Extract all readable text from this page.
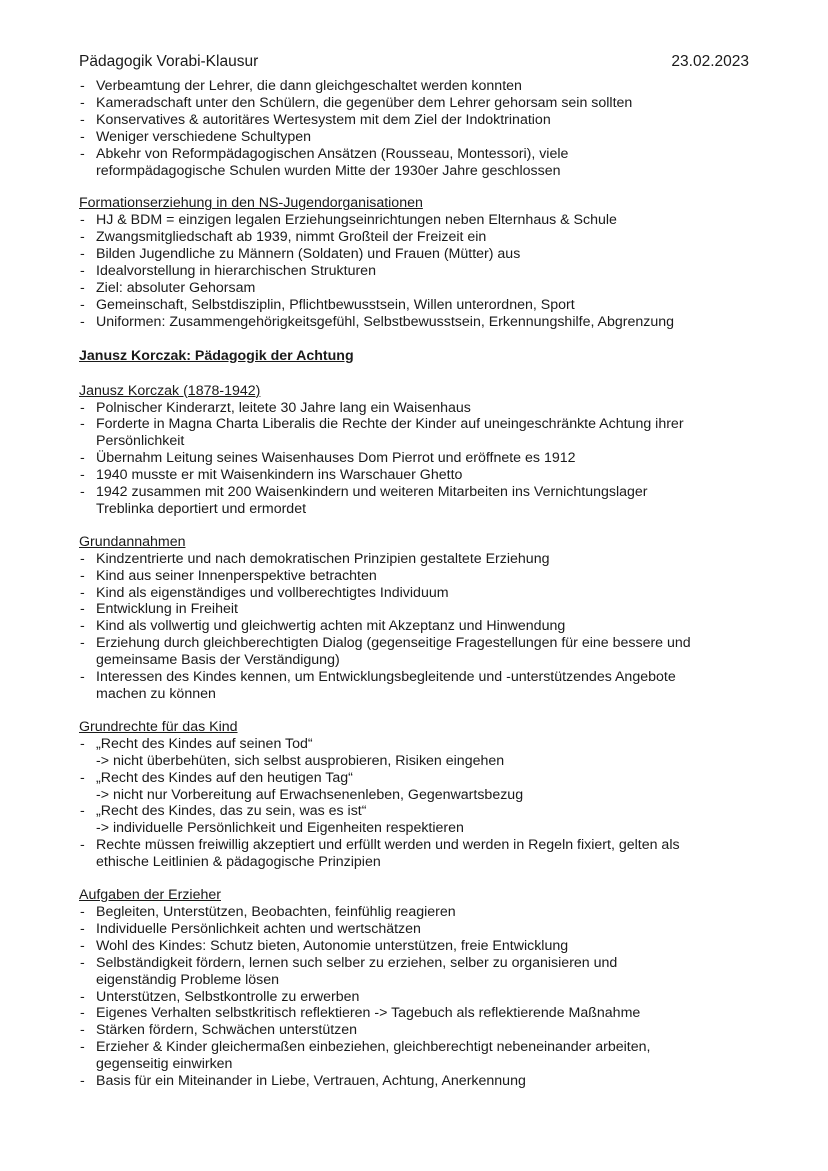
Pädagogik Vorabi-Klausur	23.02.2023
- Verbeamtung der Lehrer, die dann gleichgeschaltet werden konnten
- Kameradschaft unter den Schülern, die gegenüber dem Lehrer gehorsam sein sollten
- Konservatives & autoritäres Wertesystem mit dem Ziel der Indoktrination
- Weniger verschiedene Schultypen
- Abkehr von Reformpädagogischen Ansätzen (Rousseau, Montessori), viele
reformpädagogische Schulen wurden Mitte der 1930er Jahre geschlossen
Formationserziehung in den NS-Jugendorganisationen
- HJ & BDM = einzigen legalen Erziehungseinrichtungen neben Elternhaus & Schule
- Zwangsmitgliedschaft ab 1939, nimmt Großteil der Freizeit ein
- Bilden Jugendliche zu Männern (Soldaten) und Frauen (Mütter) aus
- Idealvorstellung in hierarchischen Strukturen
- Ziel: absoluter Gehorsam
- Gemeinschaft, Selbstdisziplin, Pflichtbewusstsein, Willen unterordnen, Sport
- Uniformen: Zusammengehörigkeitsgefühl, Selbstbewusstsein, Erkennungshilfe, Abgrenzung
Janusz Korczak: Pädagogik der Achtung
Janusz Korczak (1878-1942)
- Polnischer Kinderarzt, leitete 30 Jahre lang ein Waisenhaus
- Forderte in Magna Charta Liberalis die Rechte der Kinder auf uneingeschränkte Achtung ihrer
Persönlichkeit
- Übernahm Leitung seines Waisenhauses Dom Pierrot und eröffnete es 1912
- 1940 musste er mit Waisenkindern ins Warschauer Ghetto
- 1942 zusammen mit 200 Waisenkindern und weiteren Mitarbeiten ins Vernichtungslager
Treblinka deportiert und ermordet
Grundannahmen
- Kindzentrierte und nach demokratischen Prinzipien gestaltete Erziehung
- Kind aus seiner Innenperspektive betrachten
- Kind als eigenständiges und vollberechtigtes Individuum
- Entwicklung in Freiheit
- Kind als vollwertig und gleichwertig achten mit Akzeptanz und Hinwendung
- Erziehung durch gleichberechtigten Dialog (gegenseitige Fragestellungen für eine bessere und
gemeinsame Basis der Verständigung)
- Interessen des Kindes kennen, um Entwicklungsbegleitende und -unterstützendes Angebote
machen zu können
Grundrechte für das Kind
- „Recht des Kindes auf seinen Tod“
-> nicht überbehüten, sich selbst ausprobieren, Risiken eingehen
- „Recht des Kindes auf den heutigen Tag“
-> nicht nur Vorbereitung auf Erwachsenenleben, Gegenwartsbezug
- „Recht des Kindes, das zu sein, was es ist“
-> individuelle Persönlichkeit und Eigenheiten respektieren
- Rechte müssen freiwillig akzeptiert und erfüllt werden und werden in Regeln fixiert, gelten als
ethische Leitlinien & pädagogische Prinzipien
Aufgaben der Erzieher
- Begleiten, Unterstützen, Beobachten, feinfühlig reagieren
- Individuelle Persönlichkeit achten und wertschätzen
- Wohl des Kindes: Schutz bieten, Autonomie unterstützen, freie Entwicklung
- Selbständigkeit fördern, lernen such selber zu erziehen, selber zu organisieren und
eigenständig Probleme lösen
- Unterstützen, Selbstkontrolle zu erwerben
- Eigenes Verhalten selbstkritisch reflektieren -> Tagebuch als reflektierende Maßnahme
- Stärken fördern, Schwächen unterstützen
- Erzieher & Kinder gleichermaßen einbeziehen, gleichberechtigt nebeneinander arbeiten,
gegenseitig einwirken
- Basis für ein Miteinander in Liebe, Vertrauen, Achtung, Anerkennung
